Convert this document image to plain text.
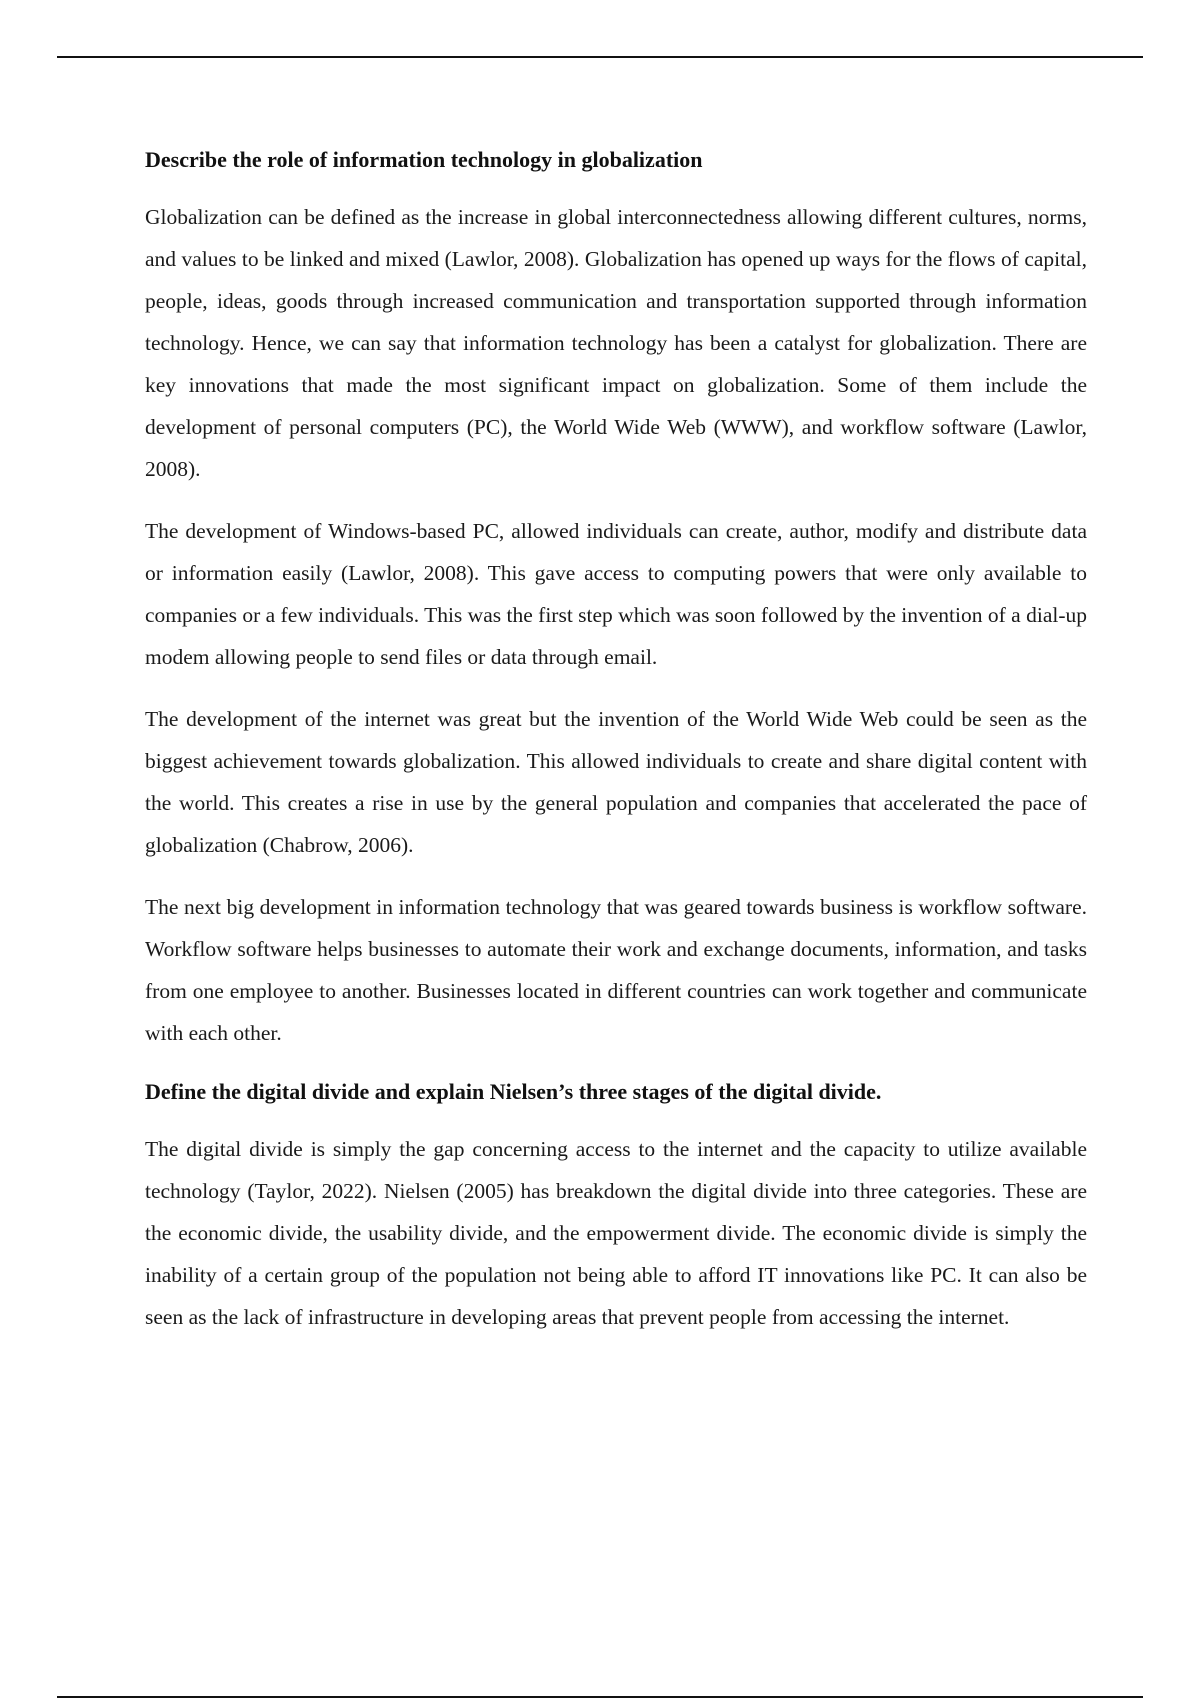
Describe the role of information technology in globalization

Globalization can be defined as the increase in global interconnectedness allowing different cultures, norms, and values to be linked and mixed (Lawlor, 2008). Globalization has opened up ways for the flows of capital, people, ideas, goods through increased communication and transportation supported through information technology. Hence, we can say that information technology has been a catalyst for globalization. There are key innovations that made the most significant impact on globalization. Some of them include the development of personal computers (PC), the World Wide Web (WWW), and workflow software (Lawlor, 2008).

The development of Windows-based PC, allowed individuals can create, author, modify and distribute data or information easily (Lawlor, 2008). This gave access to computing powers that were only available to companies or a few individuals. This was the first step which was soon followed by the invention of a dial-up modem allowing people to send files or data through email.

The development of the internet was great but the invention of the World Wide Web could be seen as the biggest achievement towards globalization. This allowed individuals to create and share digital content with the world. This creates a rise in use by the general population and companies that accelerated the pace of globalization (Chabrow, 2006).

The next big development in information technology that was geared towards business is workflow software. Workflow software helps businesses to automate their work and exchange documents, information, and tasks from one employee to another. Businesses located in different countries can work together and communicate with each other.

Define the digital divide and explain Nielsen’s three stages of the digital divide.

The digital divide is simply the gap concerning access to the internet and the capacity to utilize available technology (Taylor, 2022). Nielsen (2005) has breakdown the digital divide into three categories. These are the economic divide, the usability divide, and the empowerment divide. The economic divide is simply the inability of a certain group of the population not being able to afford IT innovations like PC. It can also be seen as the lack of infrastructure in developing areas that prevent people from accessing the internet.
